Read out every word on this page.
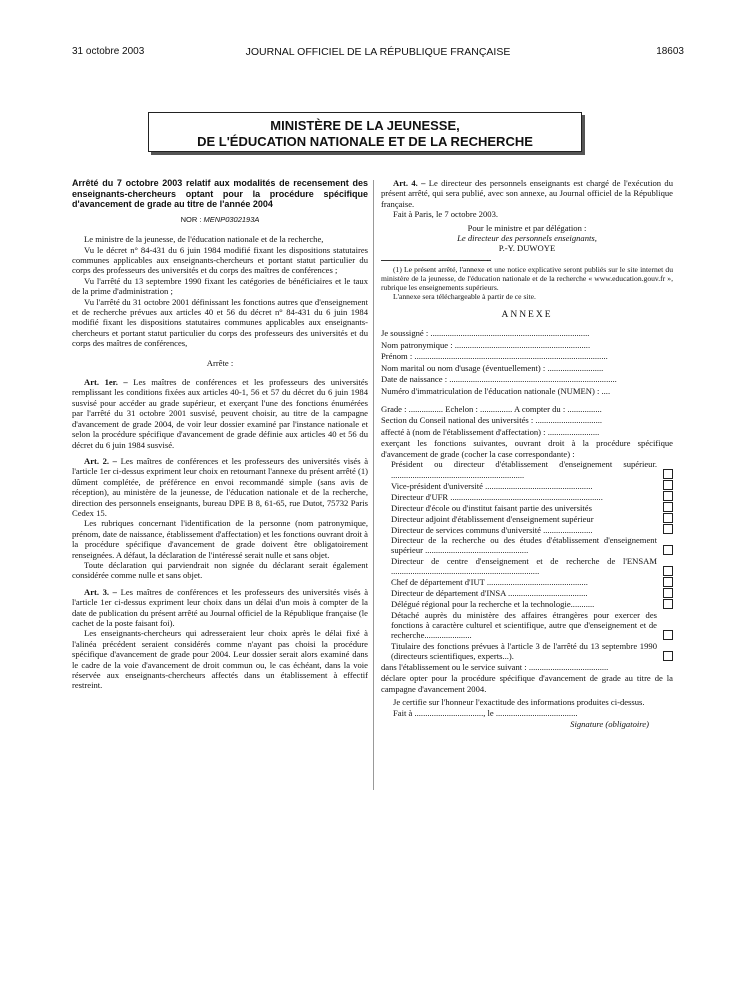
31 octobre 2003	JOURNAL OFFICIEL DE LA RÉPUBLIQUE FRANÇAISE	18603
MINISTÈRE DE LA JEUNESSE,
DE L'ÉDUCATION NATIONALE ET DE LA RECHERCHE

Arrêté du 7 octobre 2003 relatif aux modalités de recensement des enseignants-chercheurs optant pour la procédure spécifique d'avancement de grade au titre de l'année 2004

NOR : MENP0302193A

Le ministre de la jeunesse, de l'éducation nationale et de la recherche,

Vu le décret n° 84-431 du 6 juin 1984 modifié fixant les dispositions statutaires communes applicables aux enseignants-chercheurs et portant statut particulier du corps des professeurs des universités et du corps des maîtres de conférences ;

Vu l'arrêté du 13 septembre 1990 fixant les catégories de bénéficiaires et le taux de la prime d'administration ;

Vu l'arrêté du 31 octobre 2001 définissant les fonctions autres que d'enseignement et de recherche prévues aux articles 40 et 56 du décret n° 84-431 du 6 juin 1984 modifié fixant les dispositions statutaires communes applicables aux enseignants-chercheurs et portant statut particulier du corps des professeurs des universités et du corps des maîtres de conférences,

Arrête :

Art. 1er. – Les maîtres de conférences et les professeurs des universités remplissant les conditions fixées aux articles 40-1, 56 et 57 du décret du 6 juin 1984 susvisé pour accéder au grade supérieur, et exerçant l'une des fonctions énumérées par l'arrêté du 31 octobre 2001 susvisé, peuvent choisir, au titre de la campagne d'avancement de grade 2004, de voir leur dossier examiné par l'instance nationale et selon la procédure spécifique d'avancement de grade définie aux articles 40 et 56 du décret du 6 juin 1984 susvisé.

Art. 2. – Les maîtres de conférences et les professeurs des universités visés à l'article 1er ci-dessus expriment leur choix en retournant l'annexe du présent arrêté (1) dûment complétée, de préférence en envoi recommandé simple (sans avis de réception), au ministère de la jeunesse, de l'éducation nationale et de la recherche, direction des personnels enseignants, bureau DPE B 8, 61-65, rue Dutot, 75732 Paris Cedex 15.

Les rubriques concernant l'identification de la personne (nom patronymique, prénom, date de naissance, établissement d'affectation) et les fonctions ouvrant droit à la procédure spécifique d'avancement de grade doivent être obligatoirement renseignées. A défaut, la déclaration de l'intéressé serait nulle et sans objet.

Toute déclaration qui parviendrait non signée du déclarant serait également considérée comme nulle et sans objet.

Art. 3. – Les maîtres de conférences et les professeurs des universités visés à l'article 1er ci-dessus expriment leur choix dans un délai d'un mois à compter de la date de publication du présent arrêté au Journal officiel de la République française (le cachet de la poste faisant foi).

Les enseignants-chercheurs qui adresseraient leur choix après le délai fixé à l'alinéa précédent seraient considérés comme n'ayant pas choisi la procédure spécifique d'avancement de grade pour 2004. Leur dossier serait alors examiné dans le cadre de la voie d'avancement de droit commun ou, le cas échéant, dans la voie réservée aux enseignants-chercheurs affectés dans un établissement à effectif restreint.

Art. 4. – Le directeur des personnels enseignants est chargé de l'exécution du présent arrêté, qui sera publié, avec son annexe, au Journal officiel de la République française.

Fait à Paris, le 7 octobre 2003.

Pour le ministre et par délégation :

Le directeur des personnels enseignants,

P.-Y. DUWOYE

(1) Le présent arrêté, l'annexe et une notice explicative seront publiés sur le site internet du ministère de la jeunesse, de l'éducation nationale et de la recherche « www.education.gouv.fr », rubrique les enseignements supérieurs.

L'annexe sera téléchargeable à partir de ce site.

ANNEXE

Je soussigné : ..........................................................................
Nom patronymique : ...............................................................
Prénom : ..........................................................................................
Nom marital ou nom d'usage (éventuellement) : ..........................
Date de naissance : ..............................................................................
Numéro d'immatriculation de l'éducation nationale (NUMEN) : ....
Grade : ................ Echelon : ............... A compter du : ................
Section du Conseil national des universités : ...............................
affecté à (nom de l'établissement d'affectation) : ........................

exerçant les fonctions suivantes, ouvrant droit à la procédure spécifique d'avancement de grade (cocher la case correspondante) :

Président ou directeur d'établissement d'enseignement supérieur. ..............................................................
Vice-président d'université ..................................................
Directeur d'UFR .......................................................................
Directeur d'école ou d'institut faisant partie des universités
Directeur adjoint d'établissement d'enseignement supérieur
Directeur de services communs d'université .......................
Directeur de la recherche ou des études d'établissement d'enseignement supérieur ................................................
Directeur de centre d'enseignement et de recherche de l'ENSAM .....................................................................
Chef de département d'IUT ...............................................
Directeur de département d'INSA .....................................
Délégué régional pour la recherche et la technologie...........
Détaché auprès du ministère des affaires étrangères pour exercer des fonctions à caractère culturel et scientifique, autre que d'enseignement et de recherche......................
Titulaire des fonctions prévues à l'article 3 de l'arrêté du 13 septembre 1990 (directeurs scientifiques, experts...).
dans l'établissement ou le service suivant : .....................................

déclare opter pour la procédure spécifique d'avancement de grade au titre de la campagne d'avancement 2004.

Je certifie sur l'honneur l'exactitude des informations produites ci-dessus.

Fait à ................................, le ......................................

Signature (obligatoire)
